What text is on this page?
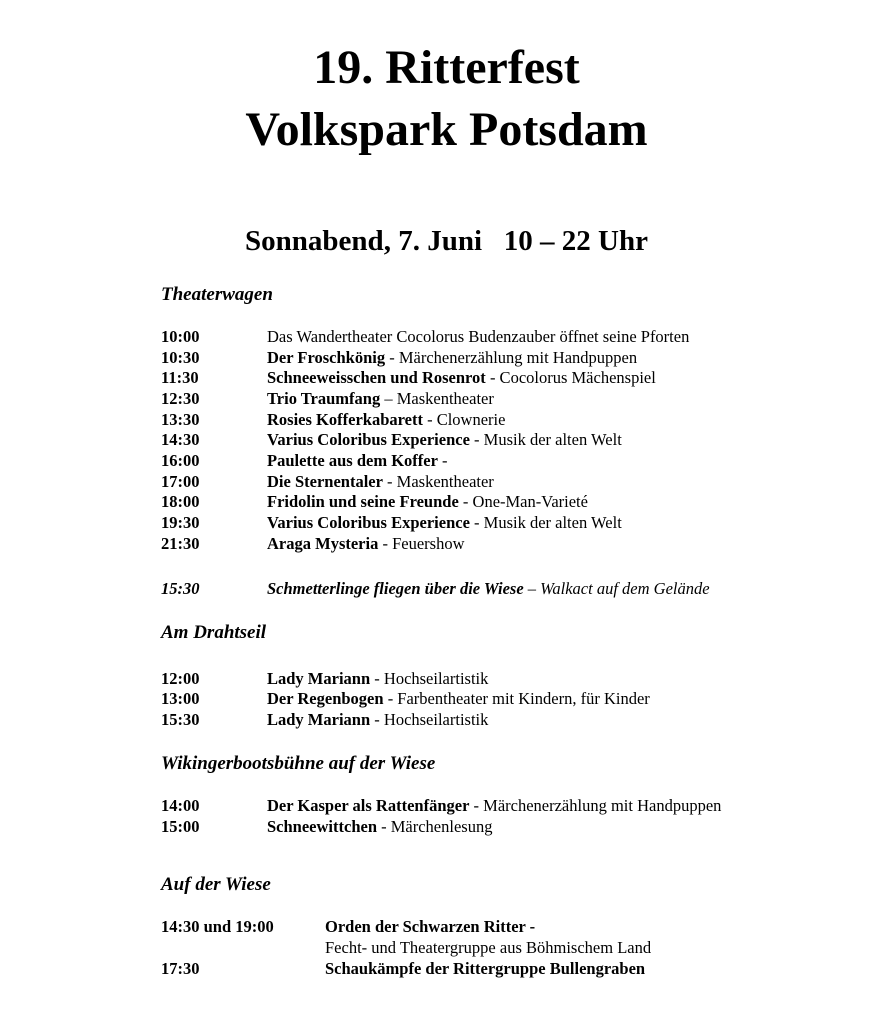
19. Ritterfest
Volkspark Potsdam
Sonnabend, 7. Juni   10 – 22 Uhr
Theaterwagen
10:00	Das Wandertheater Cocolorus Budenzauber öffnet seine Pforten
10:30	Der Froschkönig - Märchenerzählung mit Handpuppen
11:30	Schneeweisschen und Rosenrot - Cocolorus Mächenspiel
12:30	Trio Traumfang – Maskentheater
13:30	Rosies Kofferkabarett - Clownerie
14:30	Varius Coloribus Experience - Musik der alten Welt
16:00	Paulette aus dem Koffer -
17:00	Die Sternentaler - Maskentheater
18:00	Fridolin und seine Freunde - One-Man-Varieté
19:30	Varius Coloribus Experience - Musik der alten Welt
21:30	Araga Mysteria - Feuershow
15:30	Schmetterlinge fliegen über die Wiese – Walkact auf dem Gelände
Am Drahtseil
12:00	Lady Mariann - Hochseilartistik
13:00	Der Regenbogen - Farbentheater mit Kindern, für Kinder
15:30	Lady Mariann - Hochseilartistik
Wikingerbootsbühne auf der Wiese
14:00	Der Kasper als Rattenfänger - Märchenerzählung mit Handpuppen
15:00	Schneewittchen - Märchenlesung
Auf der Wiese
14:30 und 19:00	Orden der Schwarzen Ritter -
Fecht- und Theatergruppe aus Böhmischem Land
17:30	Schaukämpfe der Rittergruppe Bullengraben
